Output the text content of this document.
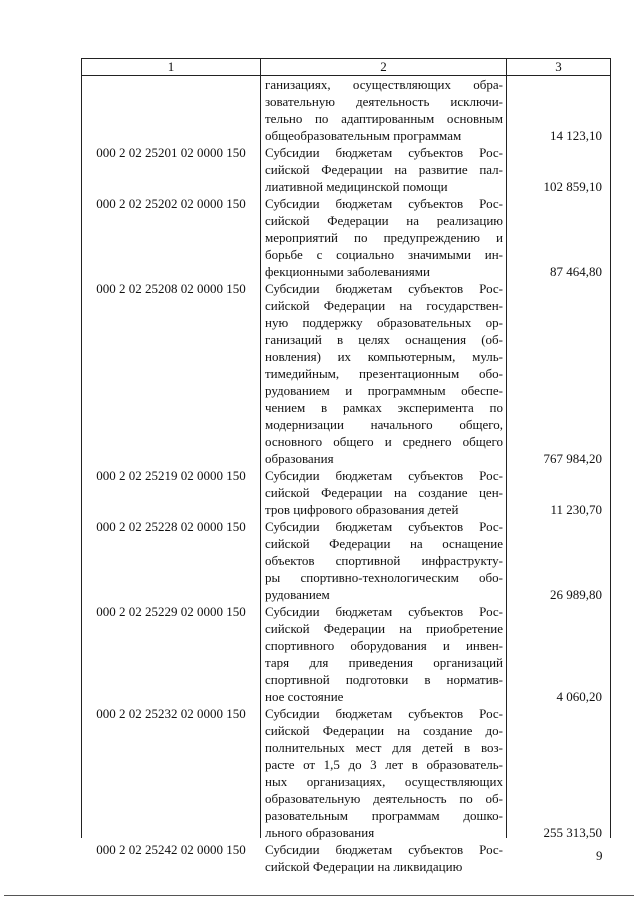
1	2	3
ганизациях, осуществляющих обра-
зовательную деятельность исключи-
тельно по адаптированным основным
общеобразовательным программам	14 123,10
000 2 02 25201 02 0000 150	Субсидии бюджетам субъектов Рос-
сийской Федерации на развитие пал-
лиативной медицинской помощи	102 859,10
000 2 02 25202 02 0000 150	Субсидии бюджетам субъектов Рос-
сийской Федерации на реализацию
мероприятий по предупреждению и
борьбе с социально значимыми ин-
фекционными заболеваниями	87 464,80
000 2 02 25208 02 0000 150	Субсидии бюджетам субъектов Рос-
сийской Федерации на государствен-
ную поддержку образовательных ор-
ганизаций в целях оснащения (об-
новления) их компьютерным, муль-
тимедийным, презентационным обо-
рудованием и программным обеспе-
чением в рамках эксперимента по
модернизации начального общего,
основного общего и среднего общего
образования	767 984,20
000 2 02 25219 02 0000 150	Субсидии бюджетам субъектов Рос-
сийской Федерации на создание цен-
тров цифрового образования детей	11 230,70
000 2 02 25228 02 0000 150	Субсидии бюджетам субъектов Рос-
сийской Федерации на оснащение
объектов спортивной инфраструкту-
ры спортивно-технологическим обо-
рудованием	26 989,80
000 2 02 25229 02 0000 150	Субсидии бюджетам субъектов Рос-
сийской Федерации на приобретение
спортивного оборудования и инвен-
таря для приведения организаций
спортивной подготовки в норматив-
ное состояние	4 060,20
000 2 02 25232 02 0000 150	Субсидии бюджетам субъектов Рос-
сийской Федерации на создание до-
полнительных мест для детей в воз-
расте от 1,5 до 3 лет в образователь-
ных организациях, осуществляющих
образовательную деятельность по об-
разовательным программам дошко-
льного образования	255 313,50
000 2 02 25242 02 0000 150	Субсидии бюджетам субъектов Рос-
сийской Федерации на ликвидацию
9
